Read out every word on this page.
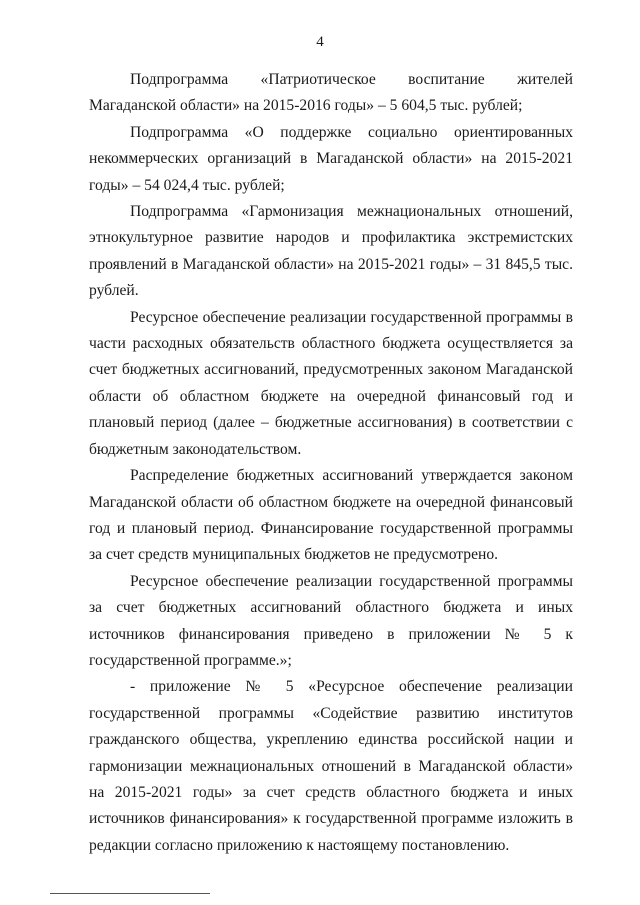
4

Подпрограмма «Патриотическое воспитание жителей Магаданской области» на 2015-2016 годы» – 5 604,5 тыс. рублей;

Подпрограмма «О поддержке социально ориентированных некоммерческих организаций в Магаданской области» на 2015-2021 годы» – 54 024,4 тыс. рублей;

Подпрограмма «Гармонизация межнациональных отношений, этнокультурное развитие народов и профилактика экстремистских проявлений в Магаданской области» на 2015-2021 годы» – 31 845,5 тыс. рублей.

Ресурсное обеспечение реализации государственной программы в части расходных обязательств областного бюджета осуществляется за счет бюджетных ассигнований, предусмотренных законом Магаданской области об областном бюджете на очередной финансовый год и плановый период (далее – бюджетные ассигнования) в соответствии с бюджетным законодательством.

Распределение бюджетных ассигнований утверждается законом Магаданской области об областном бюджете на очередной финансовый год и плановый период. Финансирование государственной программы за счет средств муниципальных бюджетов не предусмотрено.

Ресурсное обеспечение реализации государственной программы за счет бюджетных ассигнований областного бюджета и иных источников финансирования приведено в приложении № 5 к государственной программе.»;

- приложение № 5 «Ресурсное обеспечение реализации государственной программы «Содействие развитию институтов гражданского общества, укреплению единства российской нации и гармонизации межнациональных отношений в Магаданской области» на 2015-2021 годы» за счет средств областного бюджета и иных источников финансирования» к государственной программе изложить в редакции согласно приложению к настоящему постановлению.
